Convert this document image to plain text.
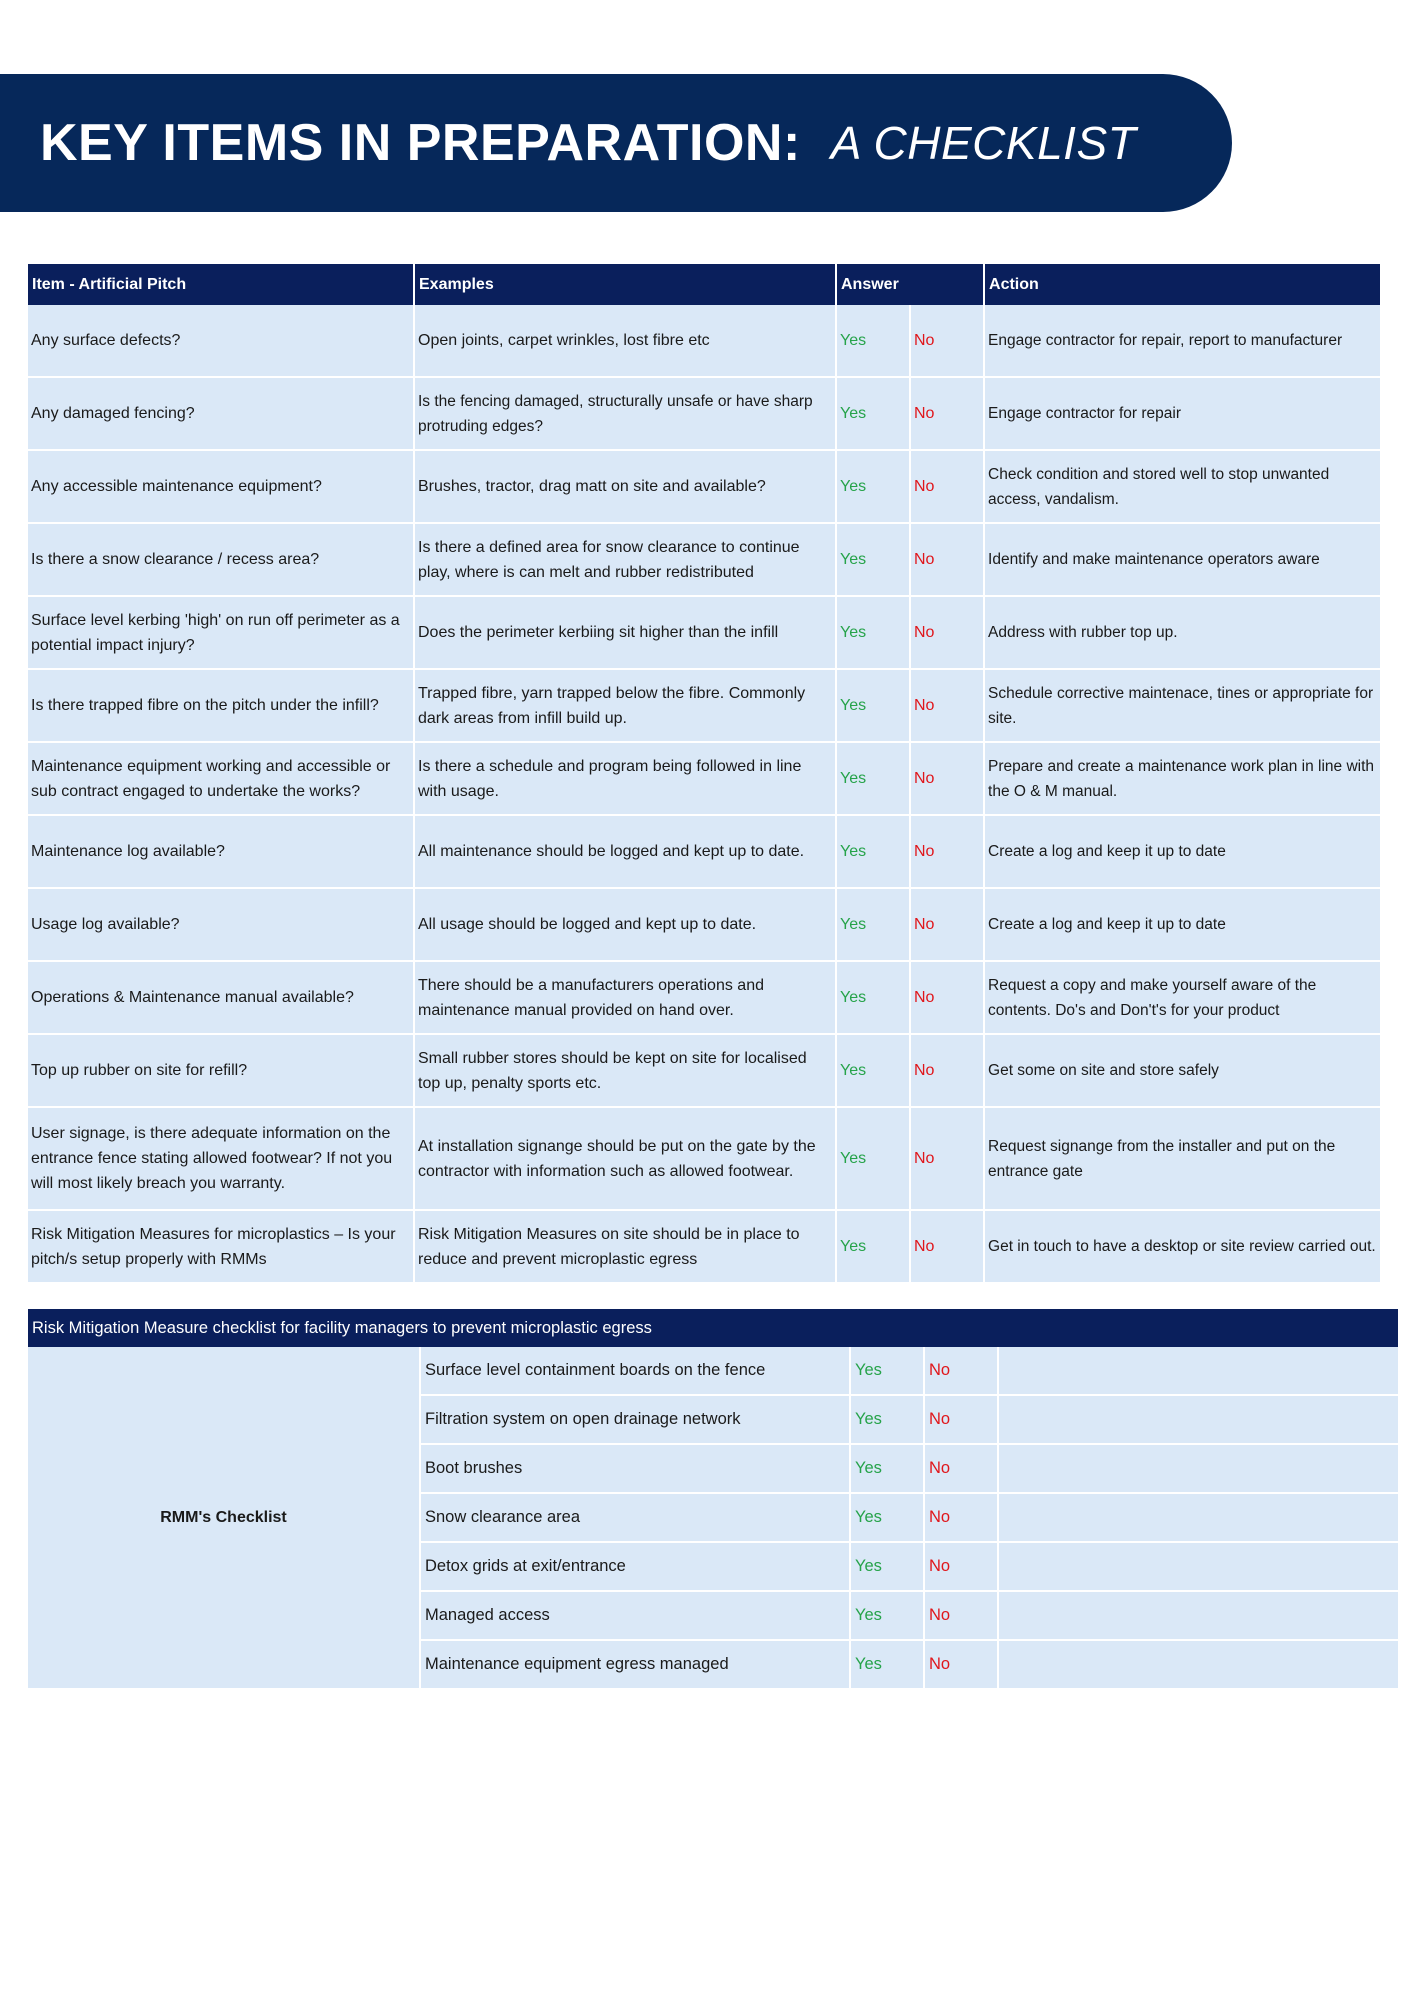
KEY ITEMS IN PREPARATION: A CHECKLIST
Item - Artificial Pitch	Examples	Answer		Action
Any surface defects?	Open joints, carpet wrinkles, lost fibre etc	Yes	No	Engage contractor for repair, report to manufacturer
Any damaged fencing?	Is the fencing damaged, structurally unsafe or have sharp protruding edges?	Yes	No	Engage contractor for repair
Any accessible maintenance equipment?	Brushes, tractor, drag matt on site and available?	Yes	No	Check condition and stored well to stop unwanted access, vandalism.
Is there a snow clearance / recess area?	Is there a defined area for snow clearance to continue play, where is can melt and rubber redistributed	Yes	No	Identify and make maintenance operators aware
Surface level kerbing 'high' on run off perimeter as a potential impact injury?	Does the perimeter kerbiing sit higher than the infill	Yes	No	Address with rubber top up.
Is there trapped fibre on the pitch under the infill?	Trapped fibre, yarn trapped below the fibre. Commonly dark areas from infill build up.	Yes	No	Schedule corrective maintenace, tines or appropriate for site.
Maintenance equipment working and accessible or sub contract engaged to undertake the works?	Is there a schedule and program being followed in line with usage.	Yes	No	Prepare and create a maintenance work plan in line with the O & M manual.
Maintenance log available?	All maintenance should be logged and kept up to date.	Yes	No	Create a log and keep it up to date
Usage log available?	All usage should be logged and kept up to date.	Yes	No	Create a log and keep it up to date
Operations & Maintenance manual available?	There should be a manufacturers operations and maintenance manual provided on hand over.	Yes	No	Request a copy and make yourself aware of the contents. Do's and Don't's for your product
Top up rubber on site for refill?	Small rubber stores should be kept on site for localised top up, penalty sports etc.	Yes	No	Get some on site and store safely
User signage, is there adequate information on the entrance fence stating allowed footwear? If not you will most likely breach you warranty.	At installation signange should be put on the gate by the contractor with information such as allowed footwear.	Yes	No	Request signange from the installer and put on the entrance gate
Risk Mitigation Measures for microplastics – Is your pitch/s setup properly with RMMs	Risk Mitigation Measures on site should be in place to reduce and prevent microplastic egress	Yes	No	Get in touch to have a desktop or site review carried out.
Risk Mitigation Measure checklist for facility managers to prevent microplastic egress				
RMM's Checklist	Surface level containment boards on the fence	Yes	No	
	Filtration system on open drainage network	Yes	No	
	Boot brushes	Yes	No	
	Snow clearance area	Yes	No	
	Detox grids at exit/entrance	Yes	No	
	Managed access	Yes	No	
	Maintenance equipment egress managed	Yes	No	
